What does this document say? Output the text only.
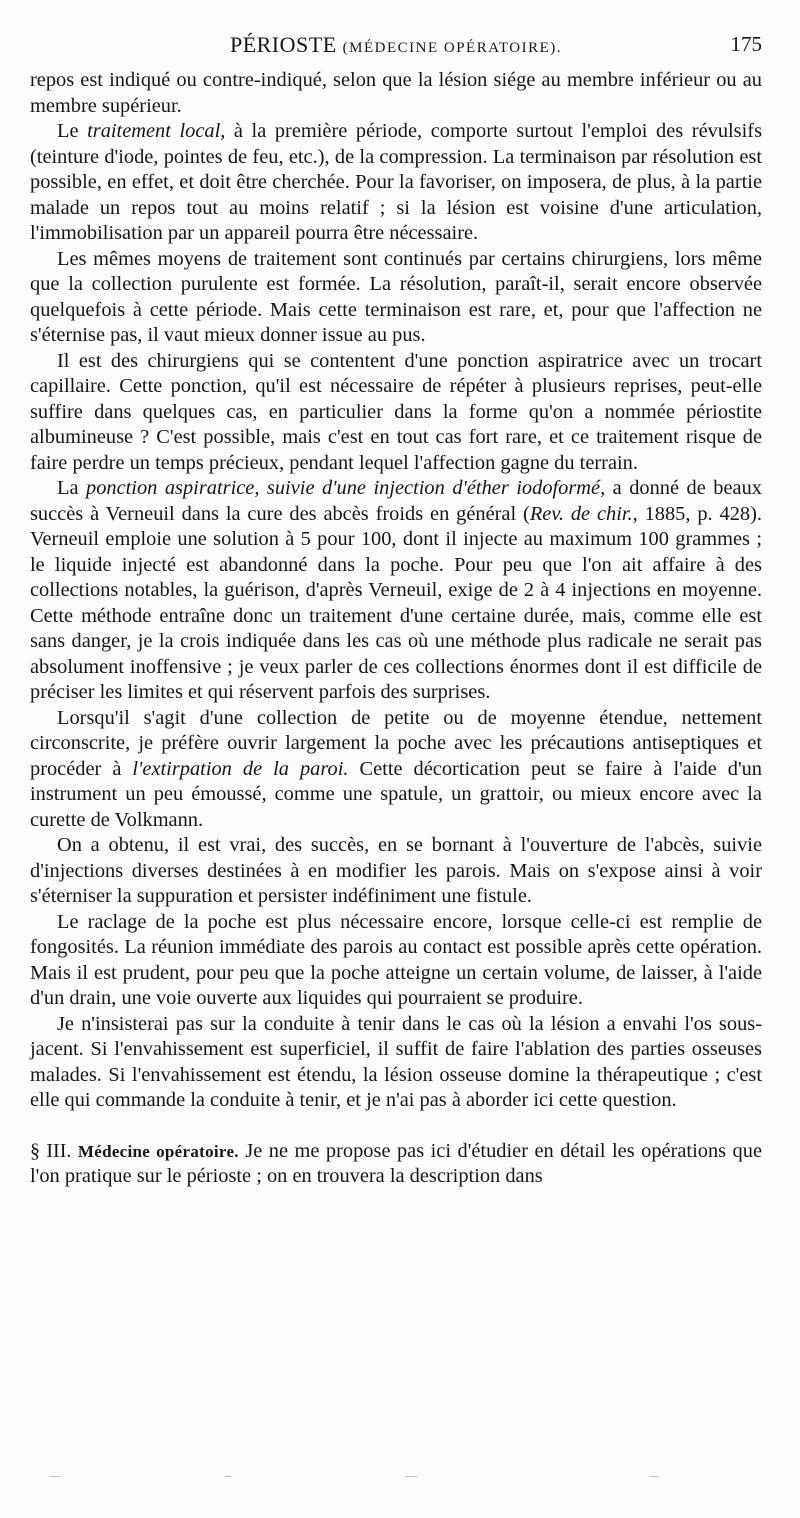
PÉRIOSTE (MÉDECINE OPÉRATOIRE).	175

repos est indiqué ou contre-indiqué, selon que la lésion siége au membre inférieur ou au membre supérieur.

Le traitement local, à la première période, comporte surtout l'emploi des révulsifs (teinture d'iode, pointes de feu, etc.), de la compression. La terminaison par résolution est possible, en effet, et doit être cherchée. Pour la favoriser, on imposera, de plus, à la partie malade un repos tout au moins relatif ; si la lésion est voisine d'une articulation, l'immobilisation par un appareil pourra être nécessaire.

Les mêmes moyens de traitement sont continués par certains chirurgiens, lors même que la collection purulente est formée. La résolution, paraît-il, serait encore observée quelquefois à cette période. Mais cette terminaison est rare, et, pour que l'affection ne s'éternise pas, il vaut mieux donner issue au pus.

Il est des chirurgiens qui se contentent d'une ponction aspiratrice avec un trocart capillaire. Cette ponction, qu'il est nécessaire de répéter à plusieurs reprises, peut-elle suffire dans quelques cas, en particulier dans la forme qu'on a nommée périostite albumineuse ? C'est possible, mais c'est en tout cas fort rare, et ce traitement risque de faire perdre un temps précieux, pendant lequel l'affection gagne du terrain.

La ponction aspiratrice, suivie d'une injection d'éther iodoformé, a donné de beaux succès à Verneuil dans la cure des abcès froids en général (Rev. de chir., 1885, p. 428). Verneuil emploie une solution à 5 pour 100, dont il injecte au maximum 100 grammes ; le liquide injecté est abandonné dans la poche. Pour peu que l'on ait affaire à des collections notables, la guérison, d'après Verneuil, exige de 2 à 4 injections en moyenne. Cette méthode entraîne donc un traitement d'une certaine durée, mais, comme elle est sans danger, je la crois indiquée dans les cas où une méthode plus radicale ne serait pas absolument inoffensive ; je veux parler de ces collections énormes dont il est difficile de préciser les limites et qui réservent parfois des surprises.

Lorsqu'il s'agit d'une collection de petite ou de moyenne étendue, nettement circonscrite, je préfère ouvrir largement la poche avec les précautions antiseptiques et procéder à l'extirpation de la paroi. Cette décortication peut se faire à l'aide d'un instrument un peu émoussé, comme une spatule, un grattoir, ou mieux encore avec la curette de Volkmann.

On a obtenu, il est vrai, des succès, en se bornant à l'ouverture de l'abcès, suivie d'injections diverses destinées à en modifier les parois. Mais on s'expose ainsi à voir s'éterniser la suppuration et persister indéfiniment une fistule.

Le raclage de la poche est plus nécessaire encore, lorsque celle-ci est remplie de fongosités. La réunion immédiate des parois au contact est possible après cette opération. Mais il est prudent, pour peu que la poche atteigne un certain volume, de laisser, à l'aide d'un drain, une voie ouverte aux liquides qui pourraient se produire.

Je n'insisterai pas sur la conduite à tenir dans le cas où la lésion a envahi l'os sous-jacent. Si l'envahissement est superficiel, il suffit de faire l'ablation des parties osseuses malades. Si l'envahissement est étendu, la lésion osseuse domine la thérapeutique ; c'est elle qui commande la conduite à tenir, et je n'ai pas à aborder ici cette question.

§ III. Médecine opératoire. Je ne me propose pas ici d'étudier en détail les opérations que l'on pratique sur le périoste ; on en trouvera la description dans
